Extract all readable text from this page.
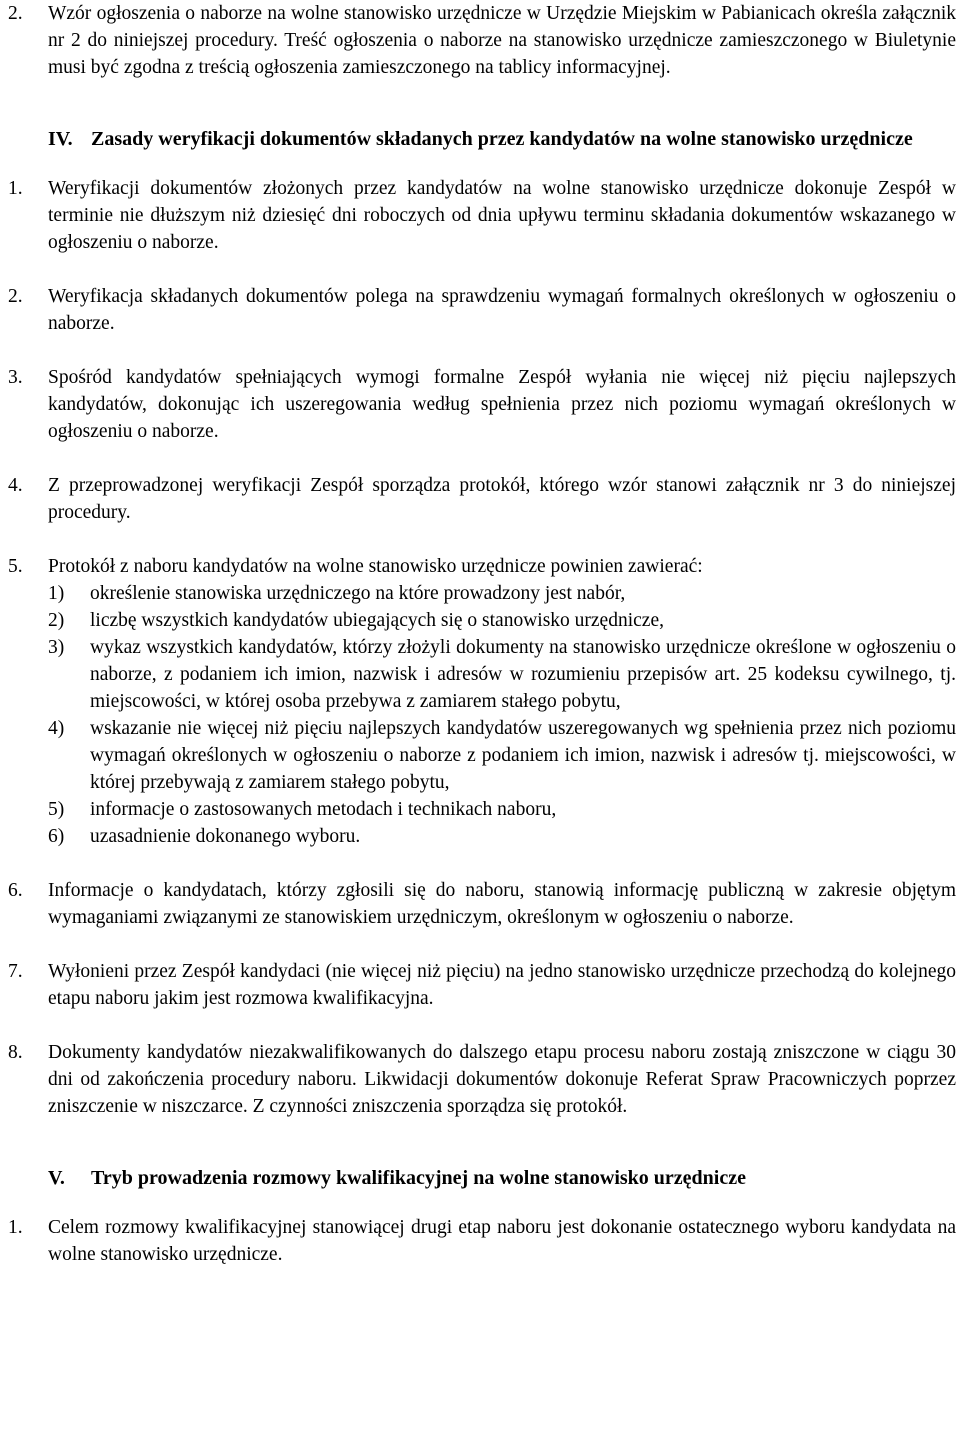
2.	Wzór ogłoszenia o naborze na wolne stanowisko urzędnicze w Urzędzie Miejskim w Pabianicach określa załącznik nr 2 do niniejszej procedury. Treść ogłoszenia o naborze na stanowisko urzędnicze zamieszczonego w Biuletynie musi być zgodna z treścią ogłoszenia zamieszczonego na tablicy informacyjnej.
IV. Zasady weryfikacji dokumentów składanych przez kandydatów na wolne stanowisko urzędnicze
1.	Weryfikacji dokumentów złożonych przez kandydatów na wolne stanowisko urzędnicze dokonuje Zespół w terminie nie dłuższym niż dziesięć dni roboczych od dnia upływu terminu składania dokumentów wskazanego w ogłoszeniu o naborze.
2.	Weryfikacja składanych dokumentów polega na sprawdzeniu wymagań formalnych określonych w ogłoszeniu o naborze.
3.	Spośród kandydatów spełniających wymogi formalne Zespół wyłania nie więcej niż pięciu najlepszych kandydatów, dokonując ich uszeregowania według spełnienia przez nich poziomu wymagań określonych w ogłoszeniu o naborze.
4.	Z przeprowadzonej weryfikacji Zespół sporządza protokół, którego wzór stanowi załącznik nr 3 do niniejszej procedury.
5.	Protokół z naboru kandydatów na wolne stanowisko urzędnicze powinien zawierać:
1)	określenie stanowiska urzędniczego na które prowadzony jest nabór,
2)	liczbę wszystkich kandydatów ubiegających się o stanowisko urzędnicze,
3)	wykaz wszystkich kandydatów, którzy złożyli dokumenty na stanowisko urzędnicze określone w ogłoszeniu o naborze, z podaniem ich imion, nazwisk i adresów w rozumieniu przepisów art. 25 kodeksu cywilnego, tj. miejscowości, w której osoba przebywa z zamiarem stałego pobytu,
4)	wskazanie nie więcej niż pięciu najlepszych kandydatów uszeregowanych wg spełnienia przez nich poziomu wymagań określonych w ogłoszeniu o naborze z podaniem ich imion, nazwisk i adresów tj. miejscowości, w której przebywają z zamiarem stałego pobytu,
5)	informacje o zastosowanych metodach i technikach naboru,
6)	uzasadnienie dokonanego wyboru.
6.	Informacje o kandydatach, którzy zgłosili się do naboru, stanowią informację publiczną w zakresie objętym wymaganiami związanymi ze stanowiskiem urzędniczym, określonym w ogłoszeniu o naborze.
7.	Wyłonieni przez Zespół kandydaci (nie więcej niż pięciu) na jedno stanowisko urzędnicze przechodzą do kolejnego etapu naboru jakim jest rozmowa kwalifikacyjna.
8.	Dokumenty kandydatów niezakwalifikowanych do dalszego etapu procesu naboru zostają zniszczone w ciągu 30 dni od zakończenia procedury naboru. Likwidacji dokumentów dokonuje Referat Spraw Pracowniczych poprzez zniszczenie w niszczarce. Z czynności zniszczenia sporządza się protokół.
V.	Tryb prowadzenia rozmowy kwalifikacyjnej na wolne stanowisko urzędnicze
1.	Celem rozmowy kwalifikacyjnej stanowiącej drugi etap naboru jest dokonanie ostatecznego wyboru kandydata na wolne stanowisko urzędnicze.
